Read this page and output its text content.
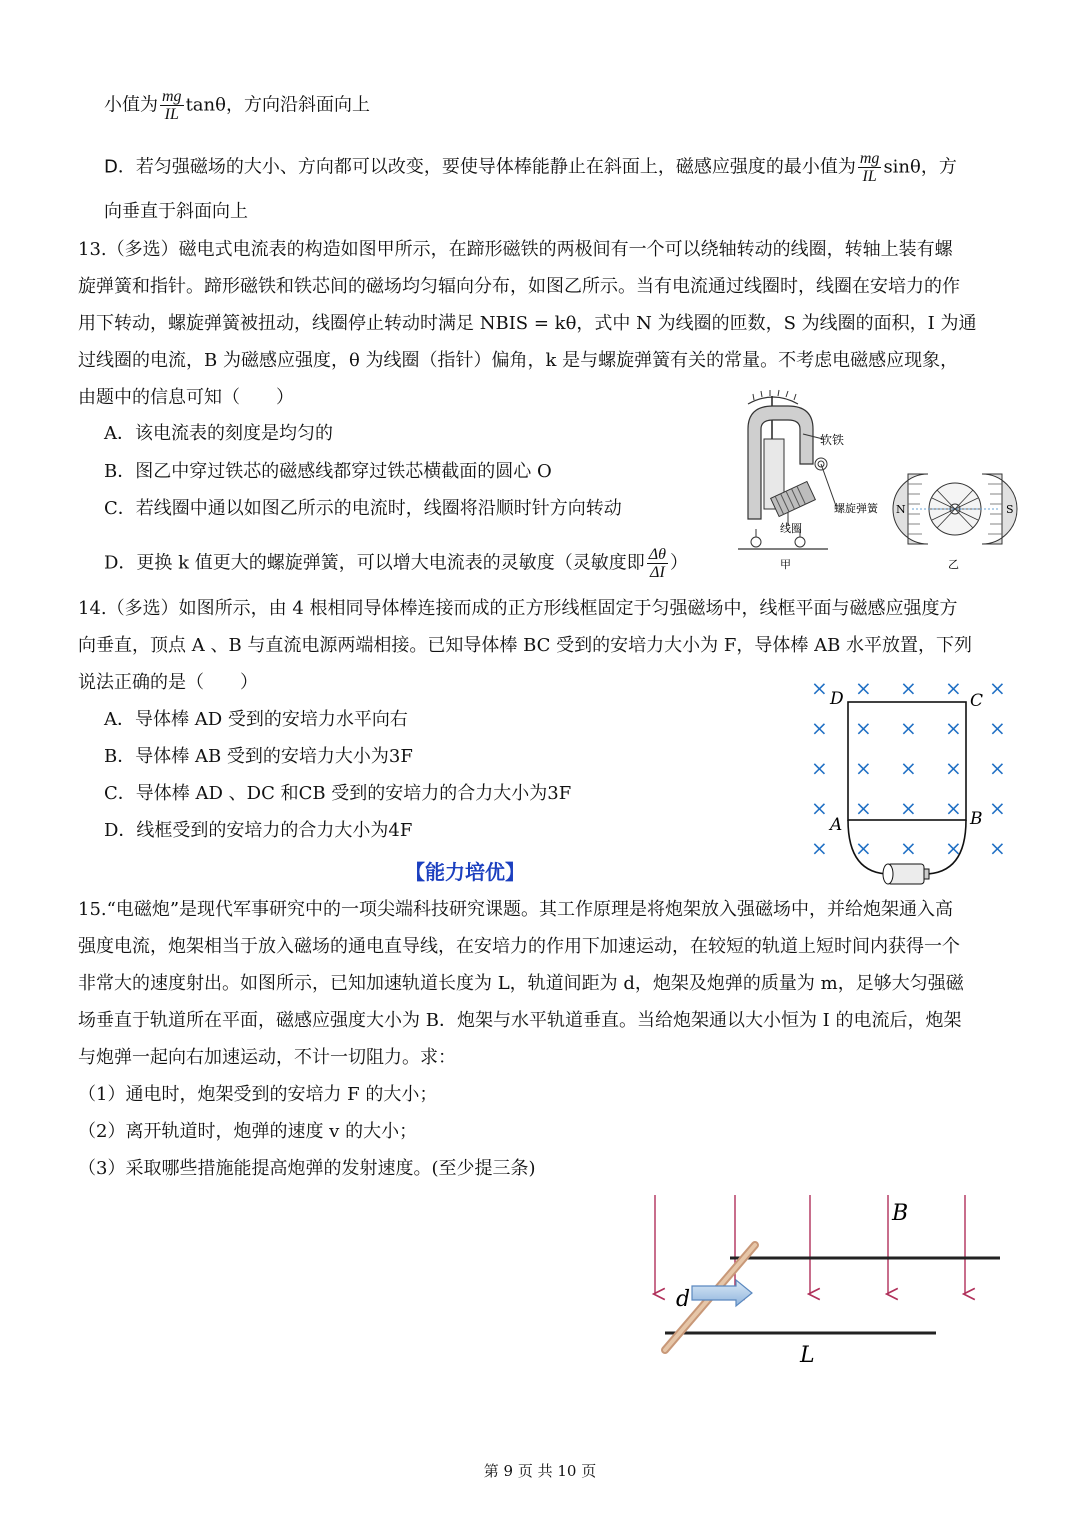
小值为 $\frac{mg}{IL}$ tanθ，方向沿斜面向上
D．若匀强磁场的大小、方向都可以改变，要使导体棒能静止在斜面上，磁感应强度的最小值为 $\frac{mg}{IL}$ sinθ，方
向垂直于斜面向上
13.（多选）磁电式电流表的构造如图甲所示，在蹄形磁铁的两极间有一个可以绕轴转动的线圈，转轴上装有螺
旋弹簧和指针。蹄形磁铁和铁芯间的磁场均匀辐向分布，如图乙所示。当有电流通过线圈时，线圈在安培力的作
用下转动，螺旋弹簧被扭动，线圈停止转动时满足 NBIS = kθ，式中 N 为线圈的匝数，S 为线圈的面积，I 为通
过线圈的电流，B 为磁感应强度，θ 为线圈（指针）偏角，k 是与螺旋弹簧有关的常量。不考虑电磁感应现象，
由题中的信息可知（　　）
A．该电流表的刻度是均匀的
B．图乙中穿过铁芯的磁感线都穿过铁芯横截面的圆心 O
C．若线圈中通以如图乙所示的电流时，线圈将沿顺时针方向转动
D．更换 k 值更大的螺旋弹簧，可以增大电流表的灵敏度（灵敏度即 $\frac{\Delta\theta}{\Delta I}$ ）
软铁
螺旋弹簧
线圈
甲
N	S
乙
14.（多选）如图所示，由 4 根相同导体棒连接而成的正方形线框固定于匀强磁场中，线框平面与磁感应强度方
向垂直，顶点 A 、B 与直流电源两端相接。已知导体棒 BC 受到的安培力大小为 F，导体棒 AB 水平放置，下列
说法正确的是（　　）
A．导体棒 AD 受到的安培力水平向右
B．导体棒 AB 受到的安培力大小为3F
C．导体棒 AD 、DC 和CB 受到的安培力的合力大小为3F
D．线框受到的安培力的合力大小为4F
× × × × ×
× × × × ×
× × × × ×
× × × × ×
× × × × ×
D	C
A	B
【能力培优】
15.“电磁炮”是现代军事研究中的一项尖端科技研究课题。其工作原理是将炮架放入强磁场中，并给炮架通入高
强度电流，炮架相当于放入磁场的通电直导线，在安培力的作用下加速运动，在较短的轨道上短时间内获得一个
非常大的速度射出。如图所示，已知加速轨道长度为 L，轨道间距为 d，炮架及炮弹的质量为 m，足够大匀强磁
场垂直于轨道所在平面，磁感应强度大小为 B．炮架与水平轨道垂直。当给炮架通以大小恒为 I 的电流后，炮架
与炮弹一起向右加速运动，不计一切阻力。求：
（1）通电时，炮架受到的安培力 F 的大小；
（2）离开轨道时，炮弹的速度 v 的大小；
（3）采取哪些措施能提高炮弹的发射速度。(至少提三条)
B
d
L
第 9 页 共 10 页
